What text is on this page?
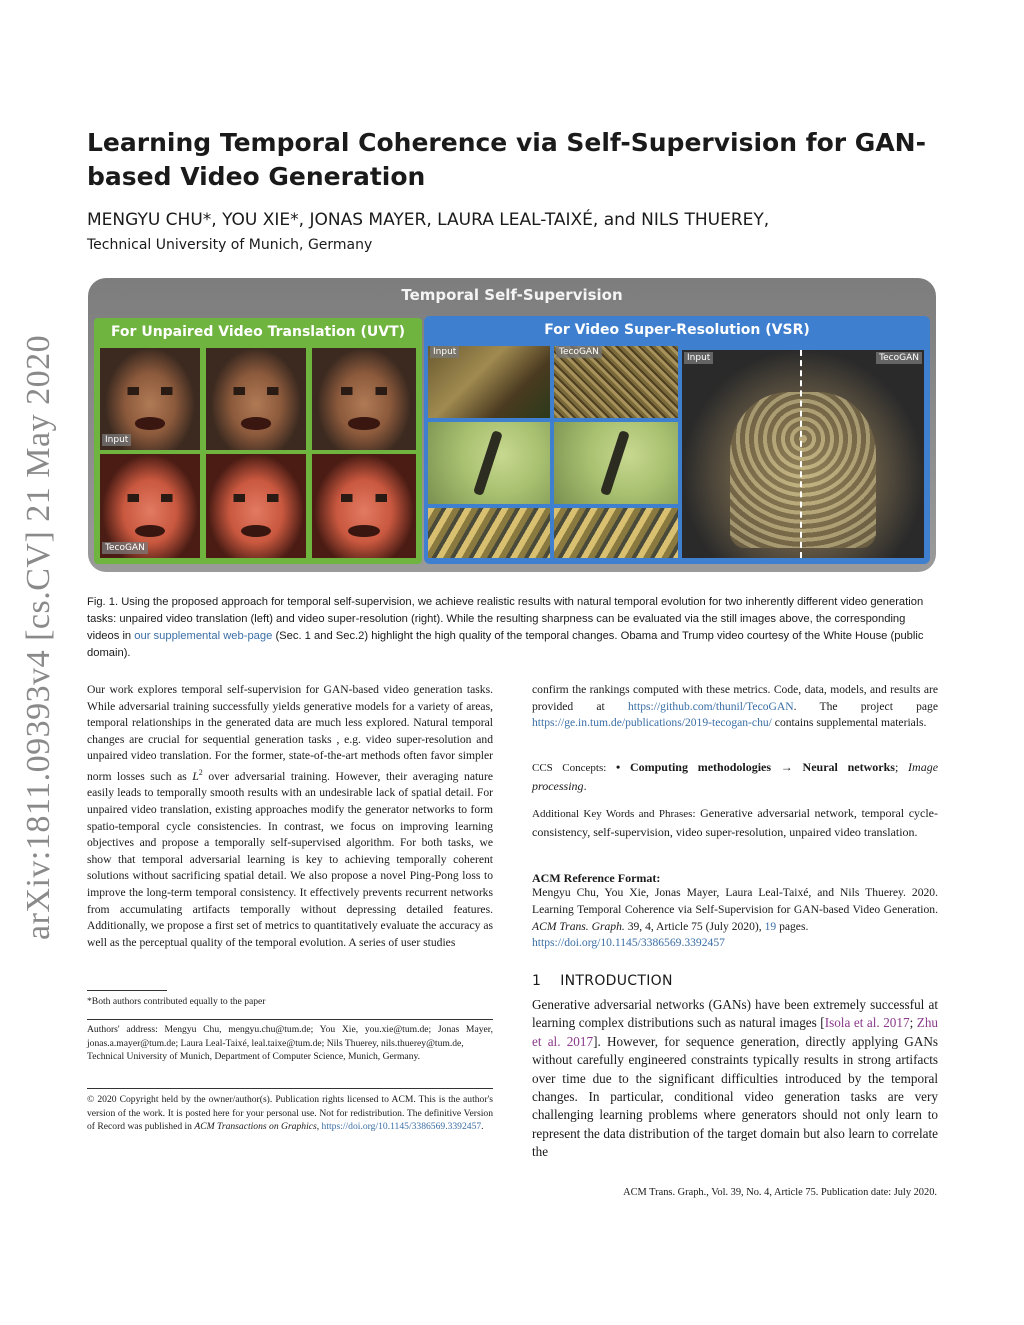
arXiv:1811.09393v4 [cs.CV] 21 May 2020
Learning Temporal Coherence via Self-Supervision for GAN-based Video Generation
MENGYU CHU*, YOU XIE*, JONAS MAYER, LAURA LEAL-TAIXÉ, and NILS THUEREY,
Technical University of Munich, Germany
Temporal Self-Supervision
For Unpaired Video Translation (UVT)
Input
TecoGAN
For Video Super-Resolution (VSR)
Input	TecoGAN
Input	TecoGAN
Fig. 1. Using the proposed approach for temporal self-supervision, we achieve realistic results with natural temporal evolution for two inherently different video generation tasks: unpaired video translation (left) and video super-resolution (right). While the resulting sharpness can be evaluated via the still images above, the corresponding videos in our supplemental web-page (Sec. 1 and Sec.2) highlight the high quality of the temporal changes. Obama and Trump video courtesy of the White House (public domain).
Our work explores temporal self-supervision for GAN-based video generation tasks. While adversarial training successfully yields generative models for a variety of areas, temporal relationships in the generated data are much less explored. Natural temporal changes are crucial for sequential generation tasks , e.g. video super-resolution and unpaired video translation. For the former, state-of-the-art methods often favor simpler norm losses such as $L^2$ over adversarial training. However, their averaging nature easily leads to temporally smooth results with an undesirable lack of spatial detail. For unpaired video translation, existing approaches modify the generator networks to form spatio-temporal cycle consistencies. In contrast, we focus on improving learning objectives and propose a temporally self-supervised algorithm. For both tasks, we show that temporal adversarial learning is key to achieving temporally coherent solutions without sacrificing spatial detail. We also propose a novel Ping-Pong loss to improve the long-term temporal consistency. It effectively prevents recurrent networks from accumulating artifacts temporally without depressing detailed features. Additionally, we propose a first set of metrics to quantitatively evaluate the accuracy as well as the perceptual quality of the temporal evolution. A series of user studies
*Both authors contributed equally to the paper
Authors' address: Mengyu Chu, mengyu.chu@tum.de; You Xie, you.xie@tum.de; Jonas Mayer, jonas.a.mayer@tum.de; Laura Leal-Taixé, leal.taixe@tum.de; Nils Thuerey, nils.thuerey@tum.de,
Technical University of Munich, Department of Computer Science, Munich, Germany.
© 2020 Copyright held by the owner/author(s). Publication rights licensed to ACM. This is the author's version of the work. It is posted here for your personal use. Not for redistribution. The definitive Version of Record was published in ACM Transactions on Graphics, https://doi.org/10.1145/3386569.3392457.
confirm the rankings computed with these metrics. Code, data, models, and results are provided at https://github.com/thunil/TecoGAN. The project page https://ge.in.tum.de/publications/2019-tecogan-chu/ contains supplemental materials.
CCS Concepts: • Computing methodologies → Neural networks; Image processing.
Additional Key Words and Phrases: Generative adversarial network, temporal cycle-consistency, self-supervision, video super-resolution, unpaired video translation.
ACM Reference Format:
Mengyu Chu, You Xie, Jonas Mayer, Laura Leal-Taixé, and Nils Thuerey. 2020. Learning Temporal Coherence via Self-Supervision for GAN-based Video Generation. ACM Trans. Graph. 39, 4, Article 75 (July 2020), 19 pages.
https://doi.org/10.1145/3386569.3392457
1 INTRODUCTION
Generative adversarial networks (GANs) have been extremely successful at learning complex distributions such as natural images [Isola et al. 2017; Zhu et al. 2017]. However, for sequence generation, directly applying GANs without carefully engineered constraints typically results in strong artifacts over time due to the significant difficulties introduced by the temporal changes. In particular, conditional video generation tasks are very challenging learning problems where generators should not only learn to represent the data distribution of the target domain but also learn to correlate the
ACM Trans. Graph., Vol. 39, No. 4, Article 75. Publication date: July 2020.
